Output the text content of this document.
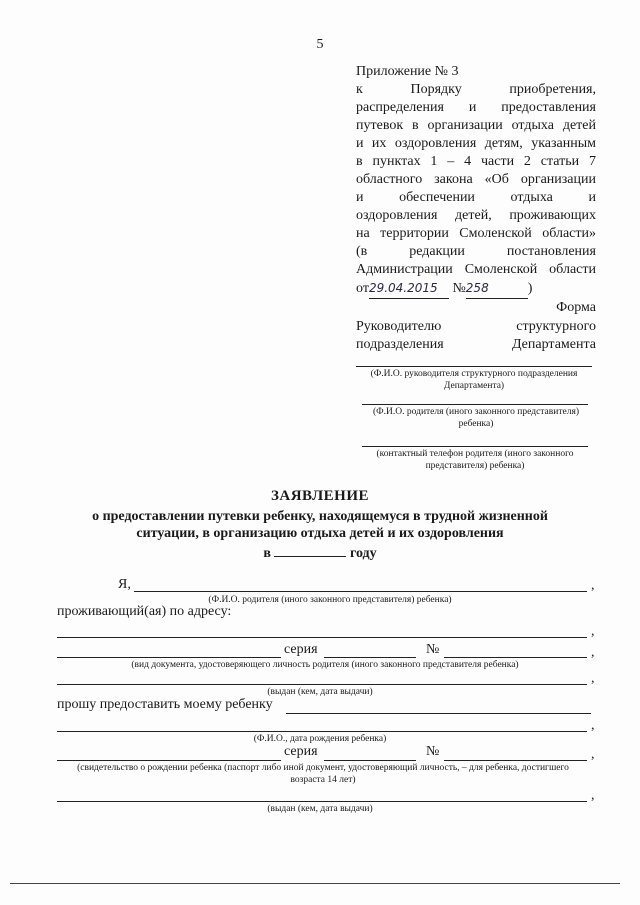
5
Приложение № 3
к Порядку приобретения,
распределения и предоставления
путевок в организации отдыха детей
и их оздоровления детям, указанным
в пунктах 1 – 4 части 2 статьи 7
областного закона «Об организации
и обеспечении отдыха и
оздоровления детей, проживающих
на территории Смоленской области»
(в редакции постановления
Администрации Смоленской области
от29.04.2015 №258	)
Форма
Руководителю структурного
подразделения Департамента
(Ф.И.О. руководителя структурного подразделения Департамента)
(Ф.И.О. родителя (иного законного представителя) ребенка)
(контактный телефон родителя (иного законного представителя) ребенка)
ЗАЯВЛЕНИЕ
о предоставлении путевки ребенку, находящемуся в трудной жизненной
ситуации, в организацию отдыха детей и их оздоровления
в	году
Я,	,
(Ф.И.О. родителя (иного законного представителя) ребенка)
проживающий(ая) по адресу:
,
серия	№	,
(вид документа, удостоверяющего личность родителя (иного законного представителя ребенка)
,
(выдан (кем, дата выдачи)
прошу предоставить моему ребенку
,
(Ф.И.О., дата рождения ребенка)
серия	№	,
(свидетельство о рождении ребенка (паспорт либо иной документ, удостоверяющий личность, – для ребенка, достигшего возраста 14 лет)
,
(выдан (кем, дата выдачи)
